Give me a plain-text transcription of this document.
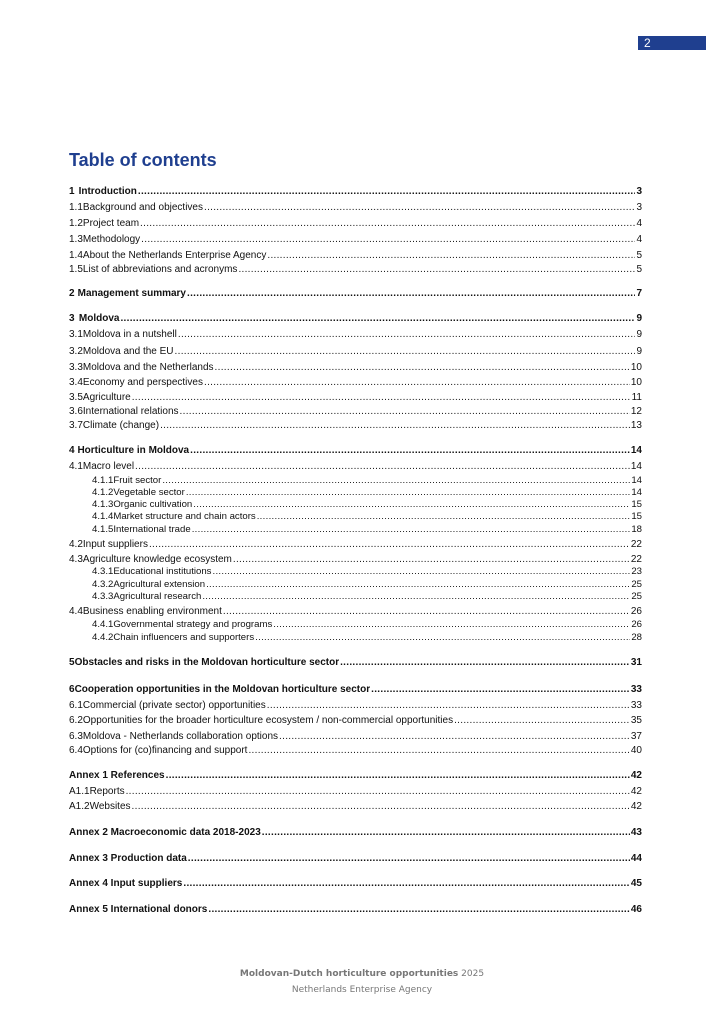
2
Table of contents
1 Introduction .....	3
1.1 Background and objectives .....	3
1.2 Project team .....	4
1.3 Methodology .....	4
1.4 About the Netherlands Enterprise Agency .....	5
1.5 List of abbreviations and acronyms .....	5
2 Management summary .....	7
3 Moldova .....	9
3.1 Moldova in a nutshell .....	9
3.2 Moldova and the EU .....	9
3.3 Moldova and the Netherlands .....	10
3.4 Economy and perspectives .....	10
3.5 Agriculture .....	11
3.6 International relations .....	12
3.7 Climate (change) .....	13
4 Horticulture in Moldova .....	14
4.1 Macro level .....	14
4.1.1 Fruit sector .....	14
4.1.2 Vegetable sector .....	14
4.1.3 Organic cultivation .....	15
4.1.4 Market structure and chain actors .....	15
4.1.5 International trade .....	18
4.2 Input suppliers .....	22
4.3 Agriculture knowledge ecosystem .....	22
4.3.1 Educational institutions .....	23
4.3.2 Agricultural extension .....	25
4.3.3 Agricultural research .....	25
4.4 Business enabling environment .....	26
4.4.1 Governmental strategy and programs .....	26
4.4.2 Chain influencers and supporters .....	28
5 Obstacles and risks in the Moldovan horticulture sector .....	31
6 Cooperation opportunities in the Moldovan horticulture sector .....	33
6.1 Commercial (private sector) opportunities .....	33
6.2 Opportunities for the broader horticulture ecosystem / non-commercial opportunities .....	35
6.3 Moldova - Netherlands collaboration options .....	37
6.4 Options for (co)financing and support .....	40
Annex 1 References .....	42
A1.1 Reports .....	42
A1.2 Websites .....	42
Annex 2 Macroeconomic data 2018-2023 .....	43
Annex 3 Production data .....	44
Annex 4 Input suppliers .....	45
Annex 5 International donors .....	46
Moldovan-Dutch horticulture opportunities 2025
Netherlands Enterprise Agency
